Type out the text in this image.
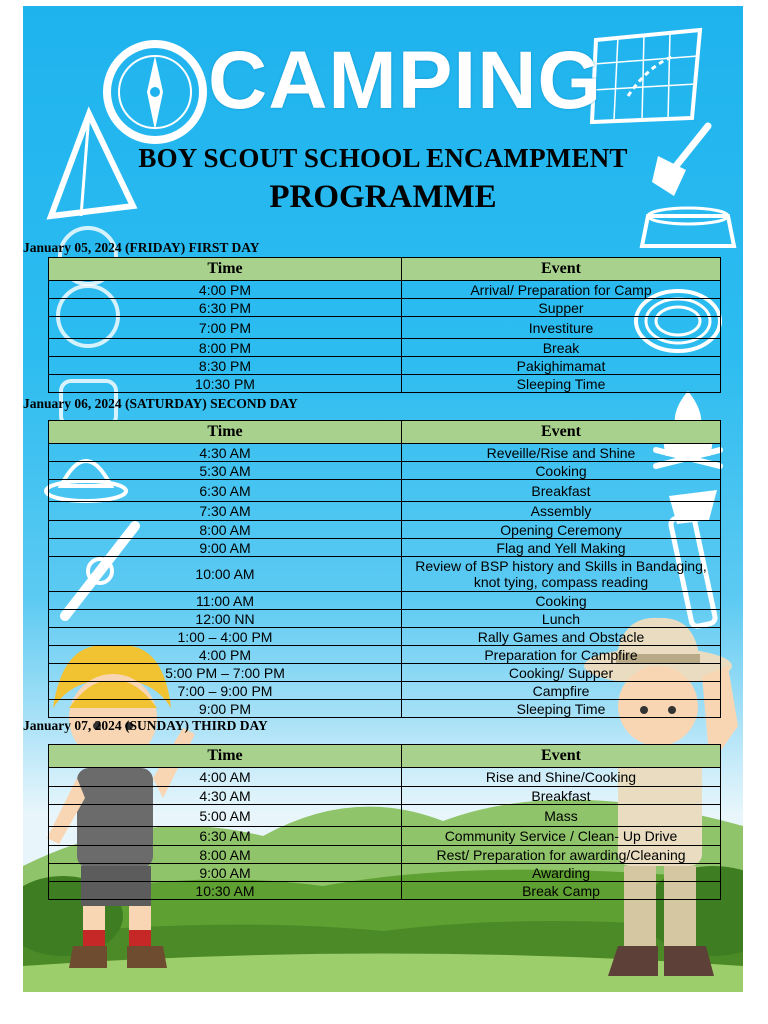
CAMPING
BOY SCOUT SCHOOL ENCAMPMENT
PROGRAMME
January 05, 2024 (FRIDAY) FIRST DAY
Time	Event
4:00 PM	Arrival/ Preparation for Camp
6:30 PM	Supper
7:00 PM	Investiture
8:00 PM	Break
8:30 PM	Pakighimamat
10:30 PM	Sleeping Time
January 06, 2024 (SATURDAY) SECOND DAY
Time	Event
4:30 AM	Reveille/Rise and Shine
5:30 AM	Cooking
6:30 AM	Breakfast
7:30 AM	Assembly
8:00 AM	Opening Ceremony
9:00 AM	Flag and Yell Making
10:00 AM	Review of BSP history and Skills in Bandaging, knot tying, compass reading
11:00 AM	Cooking
12:00 NN	Lunch
1:00 – 4:00 PM	Rally Games and Obstacle
4:00 PM	Preparation for Campfire
5:00 PM – 7:00 PM	Cooking/ Supper
7:00 – 9:00 PM	Campfire
9:00 PM	Sleeping Time
January 07, 2024 (SUNDAY) THIRD DAY
Time	Event
4:00 AM	Rise and Shine/Cooking
4:30 AM	Breakfast
5:00 AM	Mass
6:30 AM	Community Service / Clean- Up Drive
8:00 AM	Rest/ Preparation for awarding/Cleaning
9:00 AM	Awarding
10:30 AM	Break Camp
